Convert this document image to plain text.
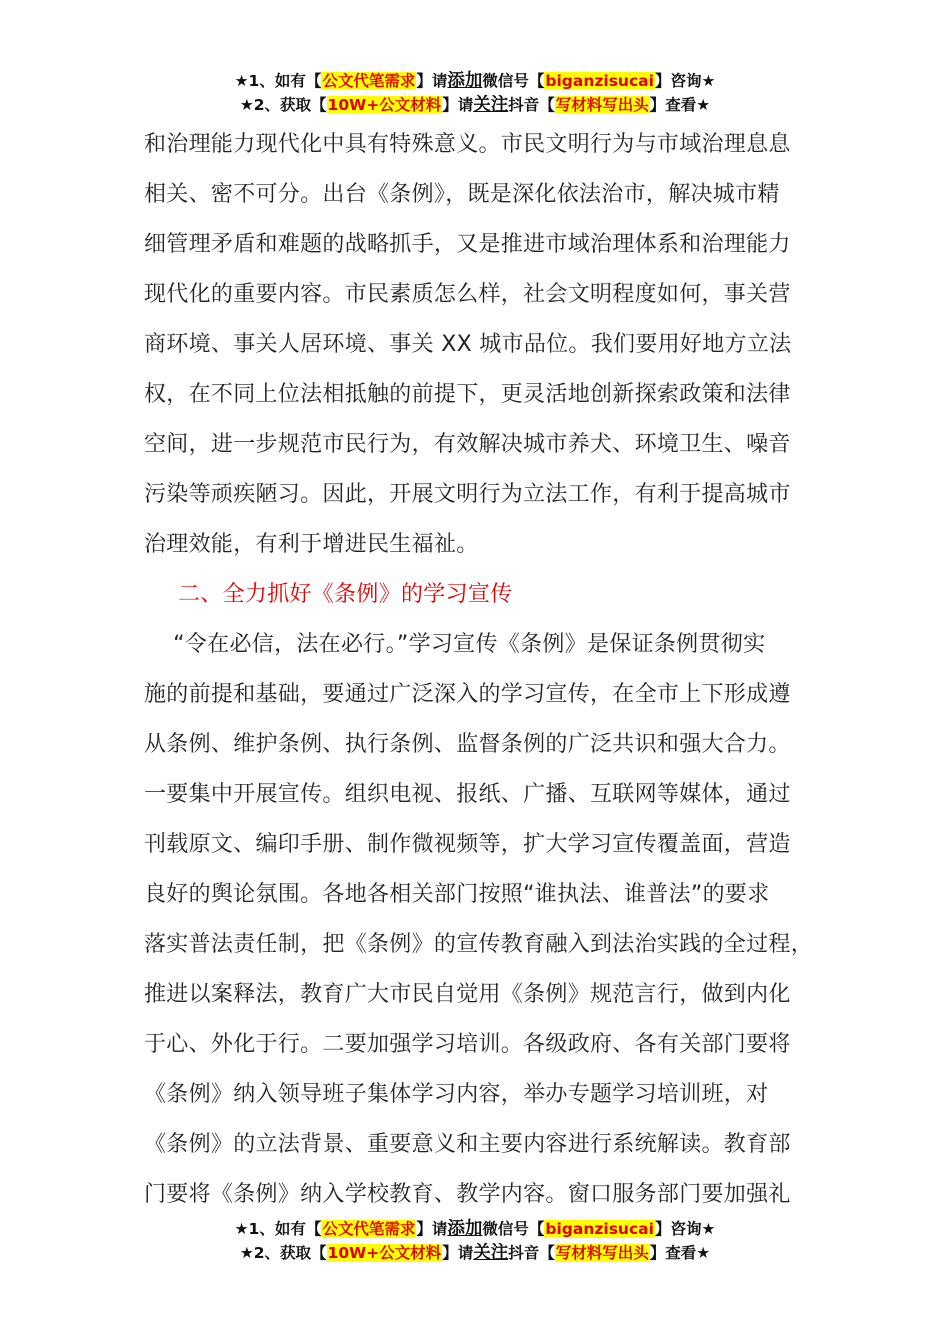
★1、如有【公文代笔需求】请添加微信号【biganzisucai】咨询★
★2、获取【10W+公文材料】请关注抖音【写材料写出头】查看★
和治理能力现代化中具有特殊意义。市民文明行为与市域治理息息
相关、密不可分。出台《条例》，既是深化依法治市，解决城市精
细管理矛盾和难题的战略抓手，又是推进市域治理体系和治理能力
现代化的重要内容。市民素质怎么样，社会文明程度如何，事关营
商环境、事关人居环境、事关 XX 城市品位。我们要用好地方立法
权，在不同上位法相抵触的前提下，更灵活地创新探索政策和法律
空间，进一步规范市民行为，有效解决城市养犬、环境卫生、噪音
污染等顽疾陋习。因此，开展文明行为立法工作，有利于提高城市
治理效能，有利于增进民生福祉。
二、全力抓好《条例》的学习宣传
“令在必信，法在必行。”学习宣传《条例》是保证条例贯彻实
施的前提和基础，要通过广泛深入的学习宣传，在全市上下形成遵
从条例、维护条例、执行条例、监督条例的广泛共识和强大合力。
一要集中开展宣传。组织电视、报纸、广播、互联网等媒体，通过
刊载原文、编印手册、制作微视频等，扩大学习宣传覆盖面，营造
良好的舆论氛围。各地各相关部门按照“谁执法、谁普法”的要求
落实普法责任制，把《条例》的宣传教育融入到法治实践的全过程，
推进以案释法，教育广大市民自觉用《条例》规范言行，做到内化
于心、外化于行。二要加强学习培训。各级政府、各有关部门要将
《条例》纳入领导班子集体学习内容，举办专题学习培训班，对
《条例》的立法背景、重要意义和主要内容进行系统解读。教育部
门要将《条例》纳入学校教育、教学内容。窗口服务部门要加强礼
★1、如有【公文代笔需求】请添加微信号【biganzisucai】咨询★
★2、获取【10W+公文材料】请关注抖音【写材料写出头】查看★
